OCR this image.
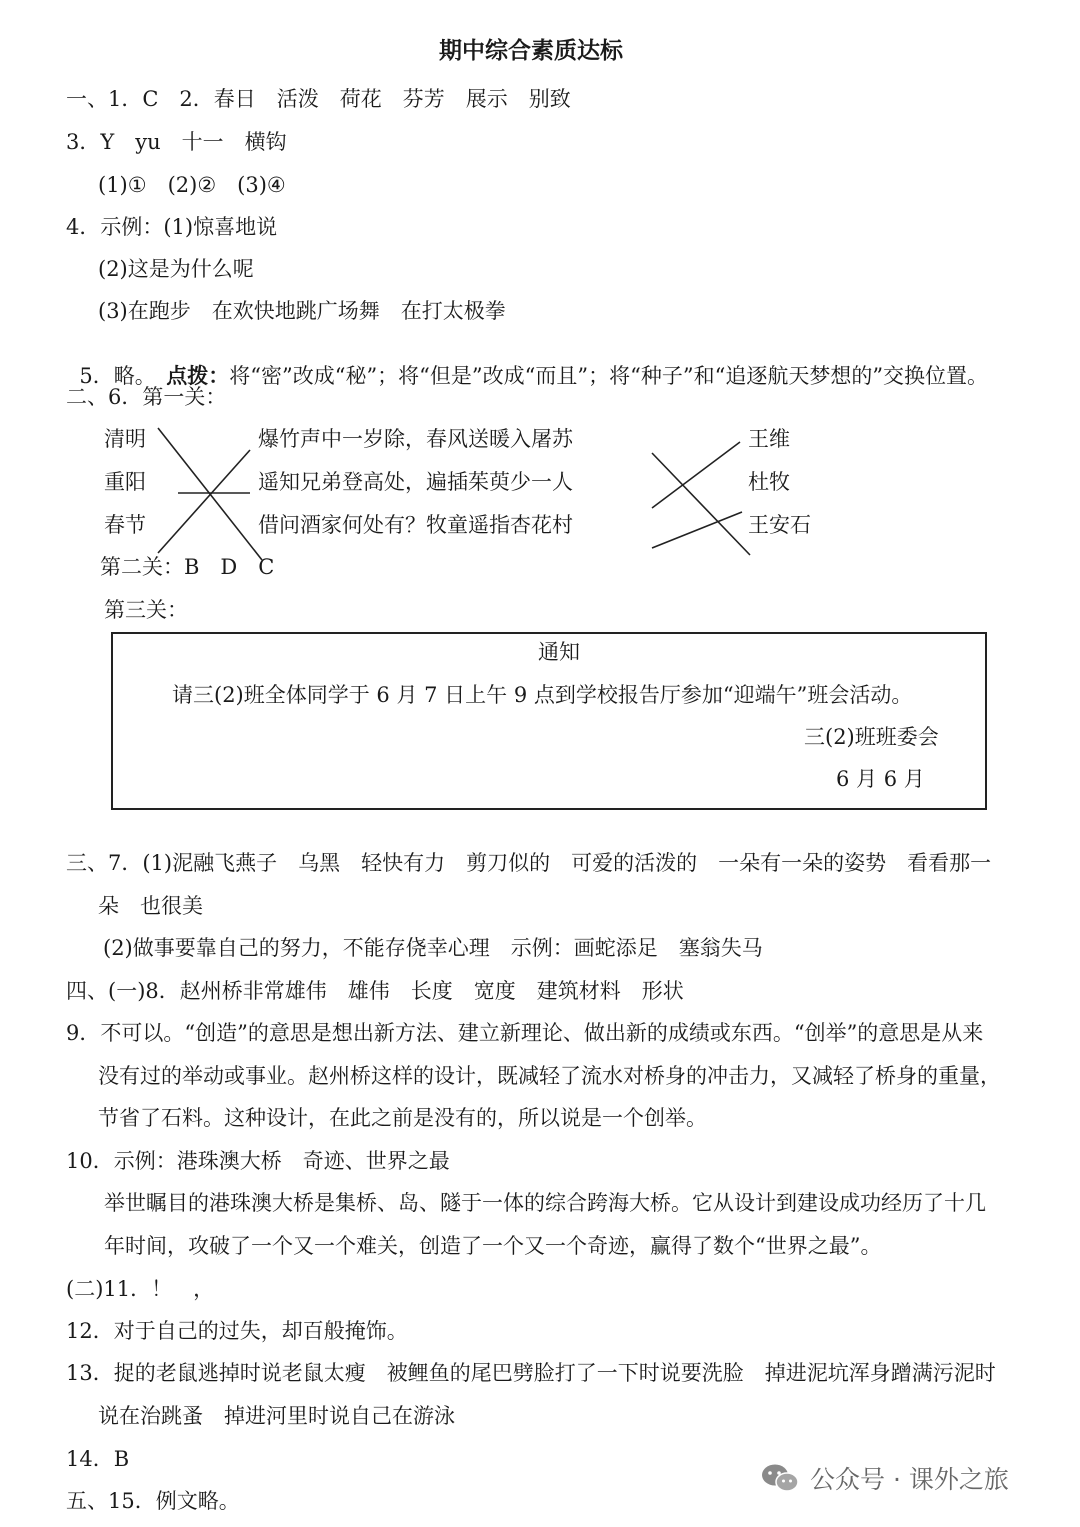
期中综合素质达标
一、1．C　2．春日　活泼　荷花　芬芳　展示　别致
3．Y　yu　十一　横钩
(1)①　(2)②　(3)④
4．示例：(1)惊喜地说
(2)这是为什么呢
(3)在跑步　在欢快地跳广场舞　在打太极拳

5．略。　点拨：将“密”改成“秘”；将“但是”改成“而且”；将“种子”和“追逐航天梦想的”交换位置。

二、6．第一关：
清明
重阳
春节
爆竹声中一岁除，春风送暖入屠苏
遥知兄弟登高处，遍插茱萸少一人
借问酒家何处有？牧童遥指杏花村
王维
杜牧
王安石
第二关：B　D　C
第三关：
通知
请三(2)班全体同学于 6 月 7 日上午 9 点到学校报告厅参加“迎端午”班会活动。
三(2)班班委会
6 月 6 月
三、7．(1)泥融飞燕子　乌黑　轻快有力　剪刀似的　可爱的活泼的　一朵有一朵的姿势　看看那一
朵　也很美
(2)做事要靠自己的努力，不能存侥幸心理　示例：画蛇添足　塞翁失马
四、(一)8．赵州桥非常雄伟　雄伟　长度　宽度　建筑材料　形状
9．不可以。“创造”的意思是想出新方法、建立新理论、做出新的成绩或东西。“创举”的意思是从来
没有过的举动或事业。赵州桥这样的设计，既减轻了流水对桥身的冲击力，又减轻了桥身的重量，
节省了石料。这种设计，在此之前是没有的，所以说是一个创举。
10．示例：港珠澳大桥　奇迹、世界之最
举世瞩目的港珠澳大桥是集桥、岛、隧于一体的综合跨海大桥。它从设计到建设成功经历了十几
年时间，攻破了一个又一个难关，创造了一个又一个奇迹，赢得了数个“世界之最”。
(二)11．！　，
12．对于自己的过失，却百般掩饰。
13．捉的老鼠逃掉时说老鼠太瘦　被鲤鱼的尾巴劈脸打了一下时说要洗脸　掉进泥坑浑身蹭满污泥时
说在治跳蚤　掉进河里时说自己在游泳
14．B
五、15．例文略。
公众号 · 课外之旅
